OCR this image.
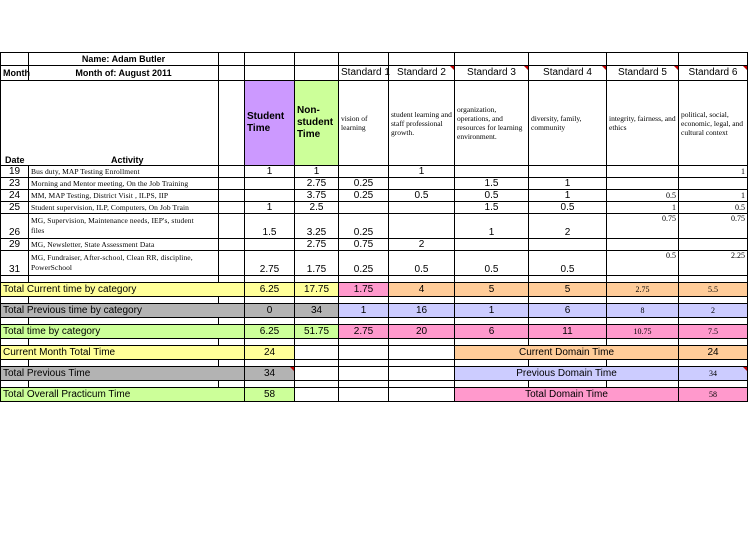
	Name: Adam Butler									
Month	Month of: August 2011				Standard 1	Standard 2	Standard 3	Standard 4	Standard 5	Standard 6

Date Activity			Student Time	Non-student Time	vision of learning	student learning and staff professional growth.	organization, operations, and resources for learning environment.	diversity, family, community	integrity, fairness, and ethics	political, social, economic, legal, and cultural context
19	Bus duty, MAP Testing Enrollment		1	1		1				1
23	Morning and Mentor meeting, On the Job Training			2.75	0.25		1.5	1		
24	MM, MAP Testing, District Visit , ILPS, IIP			3.75	0.25	0.5	0.5	1	0.5	1
25	Student supervision, ILP, Computers, On Job Train		1	2.5			1.5	0.5	1	0.5
26	MG, Supervision, Maintenance needs, IEP's, student
files		1.5	3.25	0.25		1	2	0.75	0.75
29	MG, Newsletter, State Assessment Data			2.75	0.75	2				
31	MG, Fundraiser, After-school, Clean RR, discipline,
PowerSchool		2.75	1.75	0.25	0.5	0.5	0.5	0.5	2.25

Total Current time by category			6.25	17.75	1.75	4	5	5	2.75	5.5

Total Previous time by category			0	34	1	16	1	6	8	2

Total time by category			6.25	51.75	2.75	20	6	11	10.75	7.5

Current Month Total Time			24				Current Domain Time			24

Total Previous Time			34				Previous Domain Time			34

Total Overall Practicum Time			58				Total Domain Time			58
